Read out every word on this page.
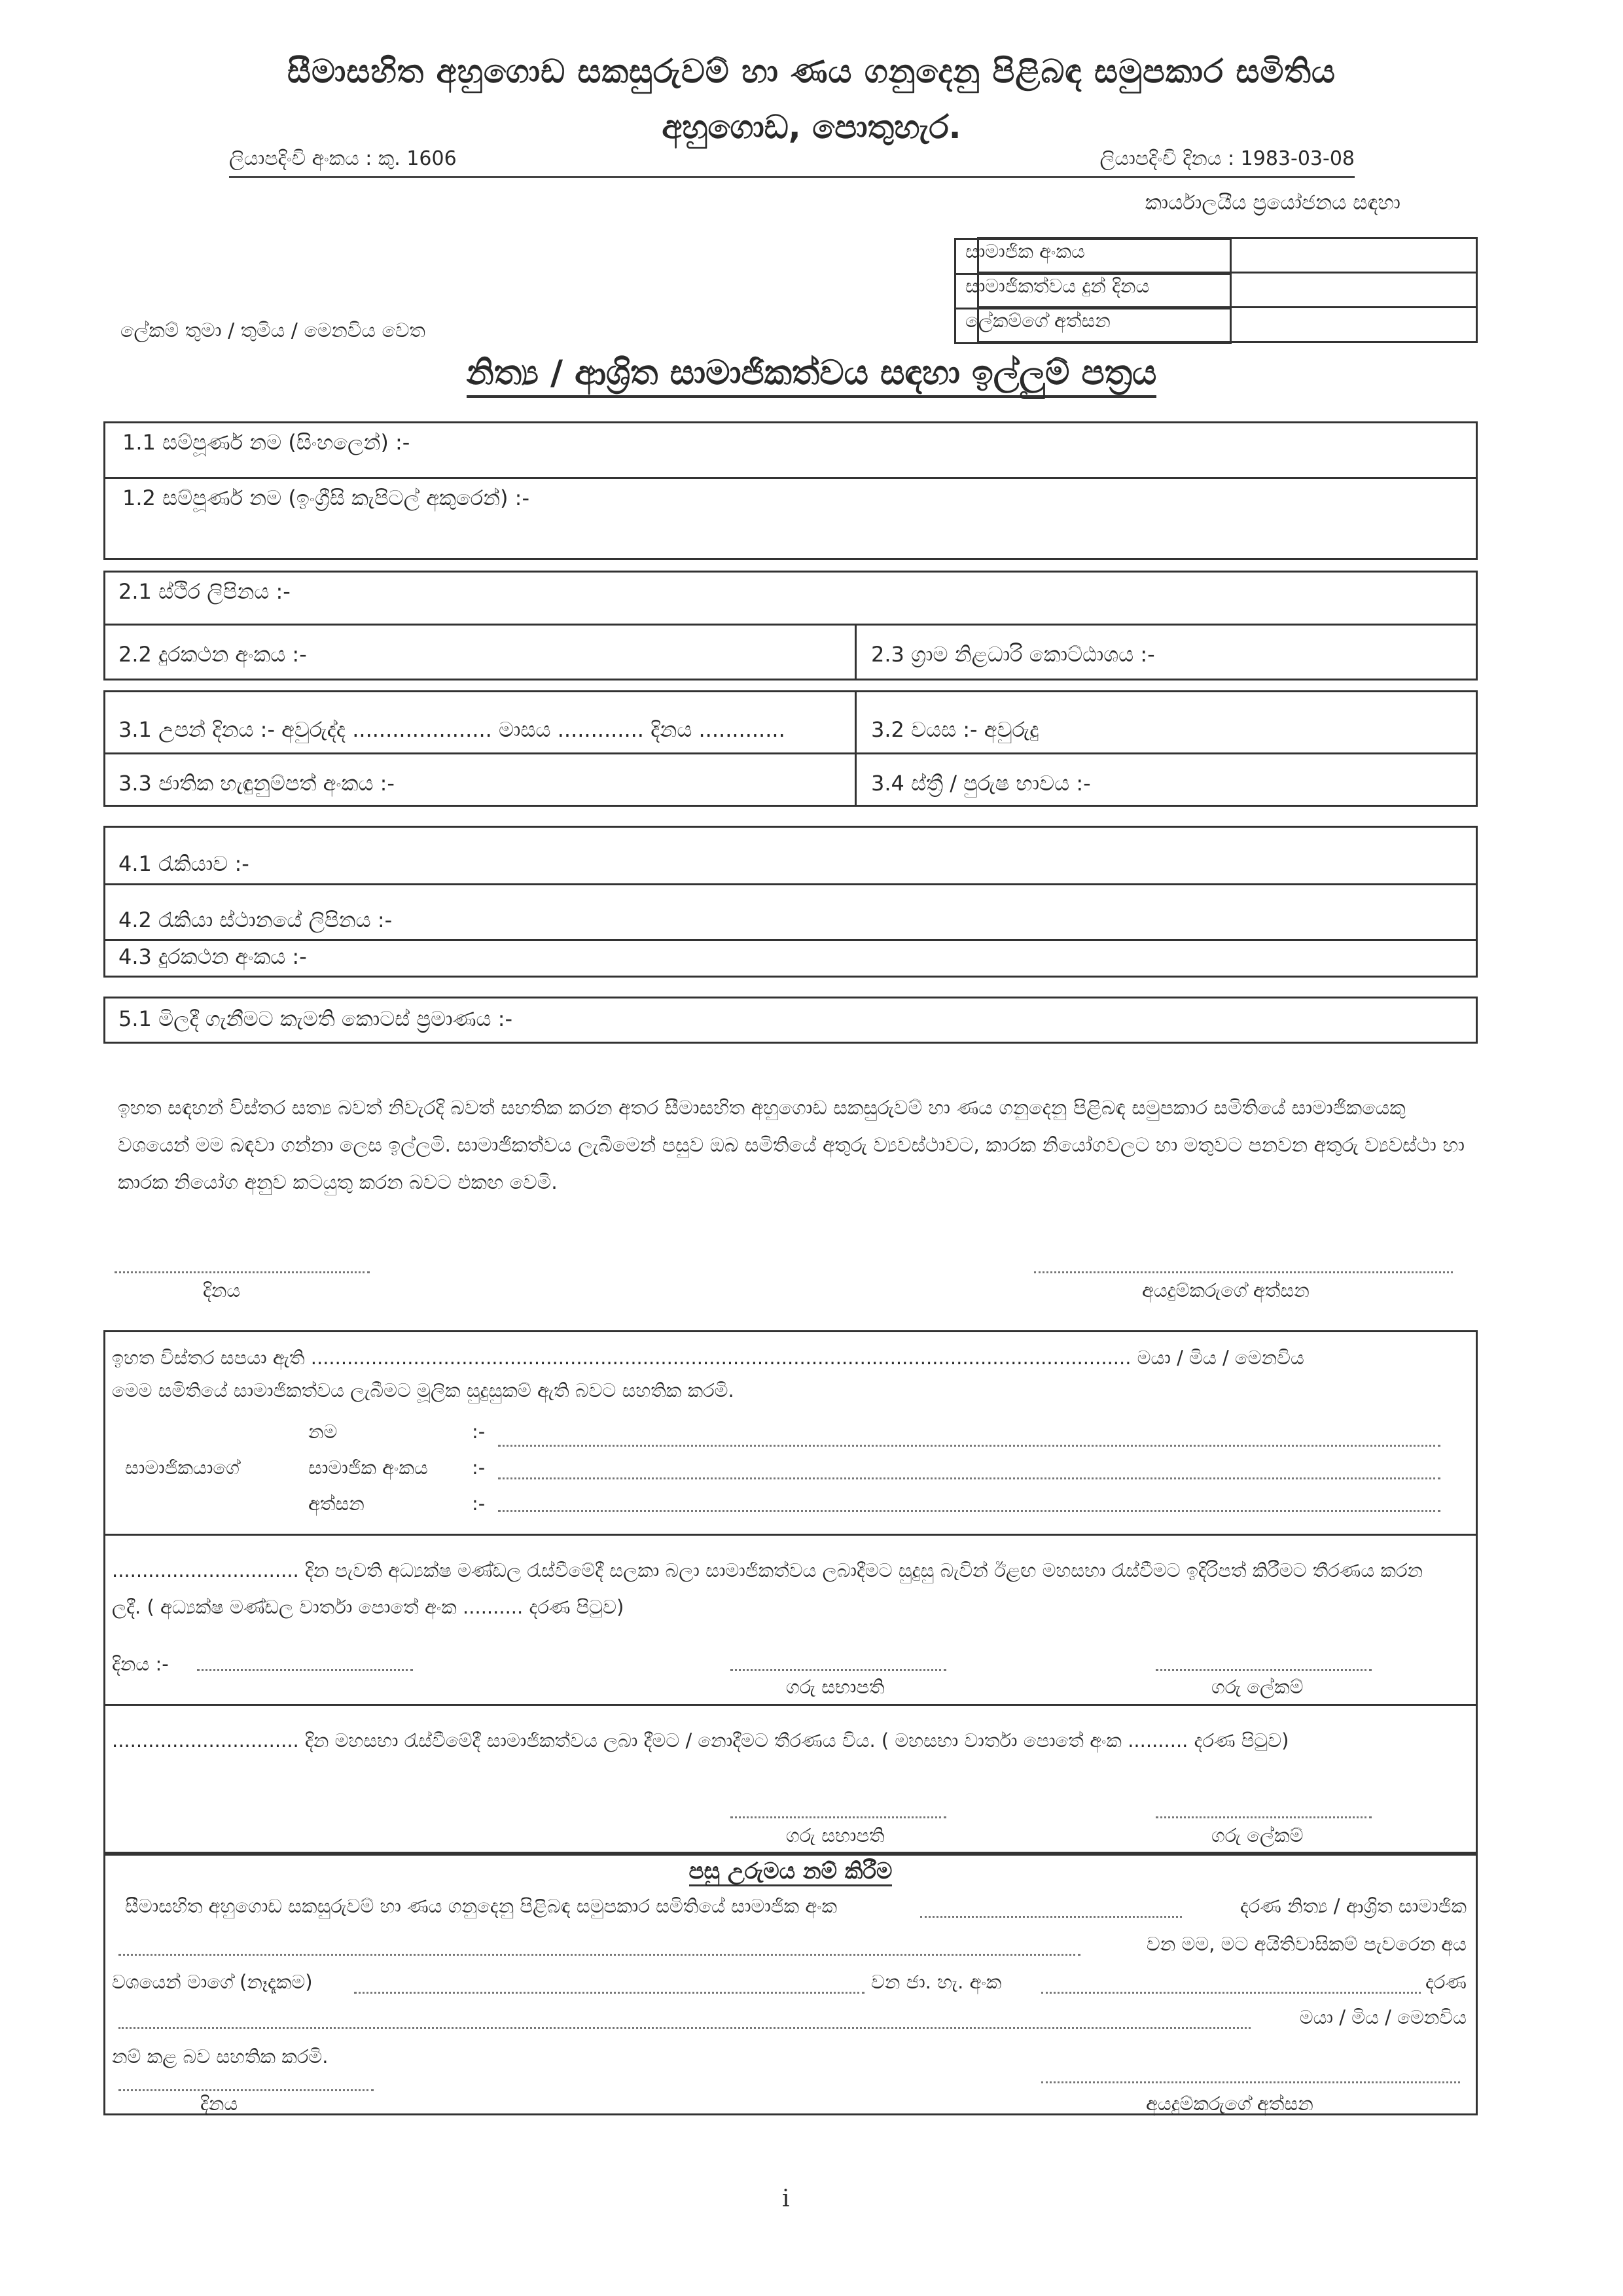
සීමාසහිත අහුගොඩ සකසුරුවම් හා ණය ගනුදෙනු පිළිබඳ සමුපකාර සමිතිය
අහුගොඩ, පොතුහැර.
ලියාපදිංචි අංකය : කු. 1606	ලියාපදිංචි දිනය : 1983-03-08
කාර්යාලයීය ප්‍රයෝජනය සඳහා
සාමාජික අංකය

සාමාජිකත්වය දුන් දිනය

ලේකම්ගේ අත්සන
ලේකම් තුමා / තුමිය / මෙනවිය වෙත
නිත්‍ය / ආශ්‍රිත සාමාජිකත්වය සඳහා ඉල්ලුම් පත්‍රය
1.1 සම්පූර්ණ නම (සිංහලෙන්) :-
1.2 සම්පූර්ණ නම (ඉංග්‍රීසි කැපිටල් අකුරෙන්) :-
2.1 ස්ථිර ලිපිනය :-
2.2 දුරකථන අංකය :-	2.3 ග්‍රාම නිළධාරි කොට්ඨාශය :-
3.1 උපන් දිනය :- අවුරුද්ද ..................... මාසය ............. දිනය .............	3.2 වයස :- අවුරුදු
3.3 ජාතික හැඳුනුම්පත් අංකය :-	3.4 ස්ත්‍රී / පුරුෂ භාවය :-
4.1 රැකියාව :-
4.2 රැකියා ස්ථානයේ ලිපිනය :-
4.3 දුරකථන අංකය :-
5.1 මිලදී ගැනීමට කැමති කොටස් ප්‍රමාණය :-
ඉහත සඳහන් විස්තර සත්‍ය බවත් නිවැරදි බවත් සහතික කරන අතර සීමාසහිත අහුගොඩ සකසුරුවම් හා ණය ගනුදෙනු පිළිබඳ සමුපකාර සමිතියේ සාමාජිකයෙකු වශයෙන් මම බඳවා ගන්නා ලෙස ඉල්ලමි. සාමාජිකත්වය ලැබීමෙන් පසුව ඔබ සමිතියේ අතුරු ව්‍යවස්ථාවට, කාරක නියෝගවලට හා මතුවට පනවන අතුරු ව්‍යවස්ථා හා කාරක නියෝග අනුව කටයුතු කරන බවට එකඟ වෙමි.
දිනය	අයදුම්කරුගේ අත්සන
ඉහත විස්තර සපයා ඇති ........................................................................................................................................ මයා / මිය / මෙනවිය
මෙම සමිතියේ සාමාජිකත්වය ලැබීමට මූලික සුදුසුකම් ඇති බවට සහතික කරමි.
සාමාජිකයාගේ
නම	:-
සාමාජික අංකය :-
අත්සන	:-
............................... දින පැවති අධ්‍යක්ෂ මණ්ඩල රැස්වීමේදී සලකා බලා සාමාජිකත්වය ලබාදීමට සුදුසු බැවින් ඊළඟ මහසභා රැස්වීමට ඉදිරිපත් කිරීමට තීරණය කරන ලදී. ( අධ්‍යක්ෂ මණ්ඩල වාර්තා පොතේ අංක .......... දරණ පිටුව)
දිනය :-
ගරු සභාපති	ගරු ලේකම්
............................... දින මහසභා රැස්වීමේදී සාමාජිකත්වය ලබා දීමට / නොදීමට තීරණය විය. ( මහසභා වාර්තා පොතේ අංක .......... දරණ පිටුව)
ගරු සභාපති	ගරු ලේකම්
පසු උරුමය නම් කිරීම
සීමාසහිත අහුගොඩ සකසුරුවම් හා ණය ගනුදෙනු පිළිබඳ සමුපකාර සමිතියේ සාමාජික අංක	දරණ නිත්‍ය / ආශ්‍රිත සාමාජික
වන මම, මට අයිතිවාසිකම් පැවරෙන අය
වශයෙන් මාගේ (නෑදෑකම)	වන ජා. හැ. අංක	දරණ
මයා / මිය / මෙනවිය
නම් කළ බව සහතික කරමි.
දිනය	අයදුම්කරුගේ අත්සන
i
